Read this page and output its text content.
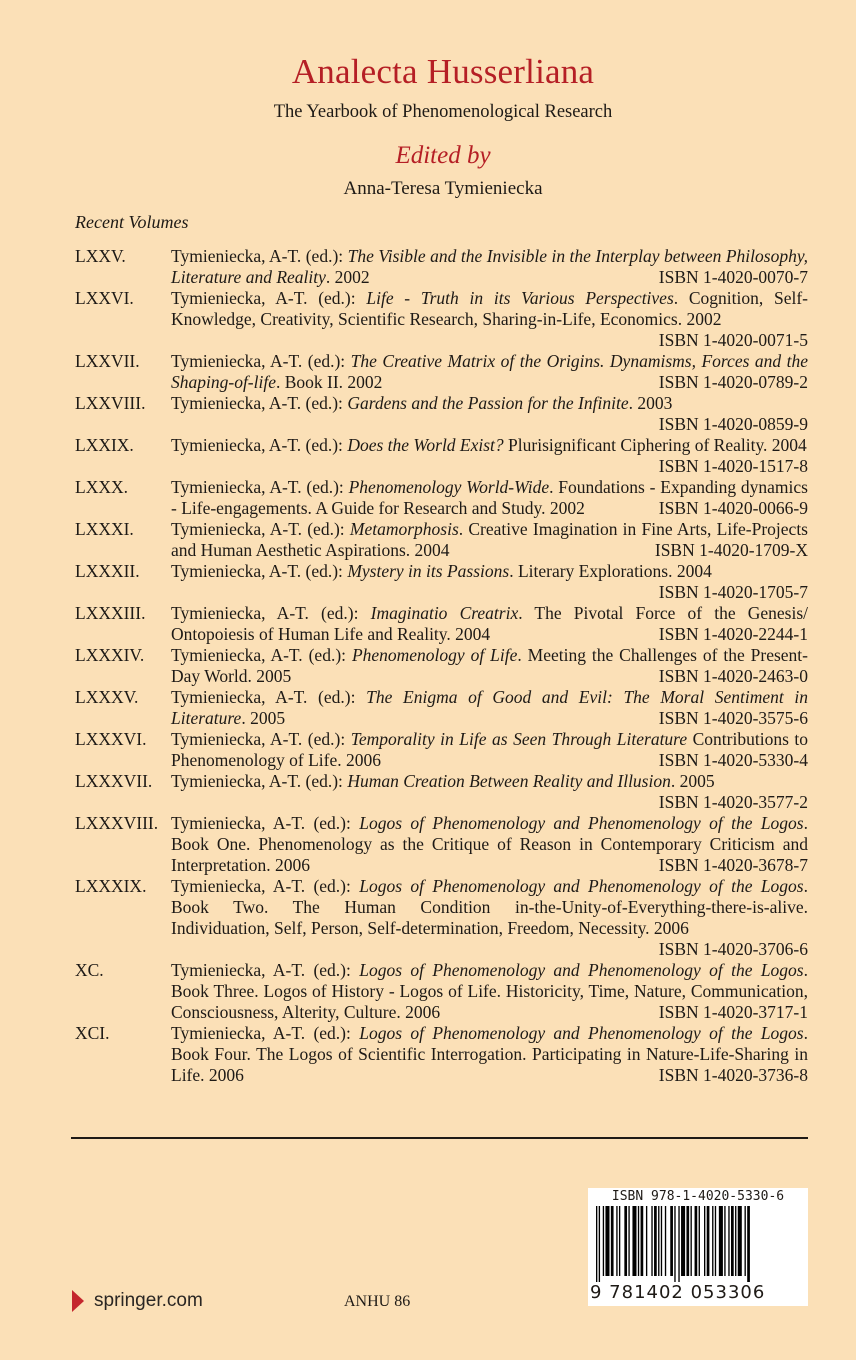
Analecta Husserliana
The Yearbook of Phenomenological Research
Edited by
Anna-Teresa Tymieniecka
Recent Volumes
LXXV.	Tymieniecka, A-T. (ed.): The Visible and the Invisible in the Interplay between Philosophy, Literature and Reality. 2002	ISBN 1-4020-0070-7
LXXVI.	Tymieniecka, A-T. (ed.): Life - Truth in its Various Perspectives. Cognition, Self-Knowledge, Creativity, Scientific Research, Sharing-in-Life, Economics. 2002
ISBN 1-4020-0071-5
LXXVII.	Tymieniecka, A-T. (ed.): The Creative Matrix of the Origins. Dynamisms, Forces and the Shaping-of-life. Book II. 2002	ISBN 1-4020-0789-2
LXXVIII.	Tymieniecka, A-T. (ed.): Gardens and the Passion for the Infinite. 2003
ISBN 1-4020-0859-9
LXXIX.	Tymieniecka, A-T. (ed.): Does the World Exist? Plurisignificant Ciphering of Reality. 2004
ISBN 1-4020-1517-8
LXXX.	Tymieniecka, A-T. (ed.): Phenomenology World-Wide. Foundations - Expanding dynamics - Life-engagements. A Guide for Research and Study. 2002	ISBN 1-4020-0066-9
LXXXI.	Tymieniecka, A-T. (ed.): Metamorphosis. Creative Imagination in Fine Arts, Life-Projects and Human Aesthetic Aspirations. 2004	ISBN 1-4020-1709-X
LXXXII.	Tymieniecka, A-T. (ed.): Mystery in its Passions. Literary Explorations. 2004
ISBN 1-4020-1705-7
LXXXIII.	Tymieniecka, A-T. (ed.): Imaginatio Creatrix. The Pivotal Force of the Genesis/ Ontopoiesis of Human Life and Reality. 2004	ISBN 1-4020-2244-1
LXXXIV.	Tymieniecka, A-T. (ed.): Phenomenology of Life. Meeting the Challenges of the Present-Day World. 2005	ISBN 1-4020-2463-0
LXXXV.	Tymieniecka, A-T. (ed.): The Enigma of Good and Evil: The Moral Sentiment in Literature. 2005	ISBN 1-4020-3575-6
LXXXVI.	Tymieniecka, A-T. (ed.): Temporality in Life as Seen Through Literature Contributions to Phenomenology of Life. 2006	ISBN 1-4020-5330-4
LXXXVII.	Tymieniecka, A-T. (ed.): Human Creation Between Reality and Illusion. 2005
ISBN 1-4020-3577-2
LXXXVIII. Tymieniecka, A-T. (ed.): Logos of Phenomenology and Phenomenology of the Logos. Book One. Phenomenology as the Critique of Reason in Contemporary Criticism and Interpretation. 2006	ISBN 1-4020-3678-7
LXXXIX.	Tymieniecka, A-T. (ed.): Logos of Phenomenology and Phenomenology of the Logos. Book Two. The Human Condition in-the-Unity-of-Everything-there-is-alive. Individuation, Self, Person, Self-determination, Freedom, Necessity. 2006
ISBN 1-4020-3706-6
XC.	Tymieniecka, A-T. (ed.): Logos of Phenomenology and Phenomenology of the Logos. Book Three. Logos of History - Logos of Life. Historicity, Time, Nature, Communication, Consciousness, Alterity, Culture. 2006	ISBN 1-4020-3717-1
XCI.	Tymieniecka, A-T. (ed.): Logos of Phenomenology and Phenomenology of the Logos. Book Four. The Logos of Scientific Interrogation. Participating in Nature-Life-Sharing in Life. 2006	ISBN 1-4020-3736-8
ISBN 978-1-4020-5330-6
9 781402 053306
springer.com	ANHU 86
